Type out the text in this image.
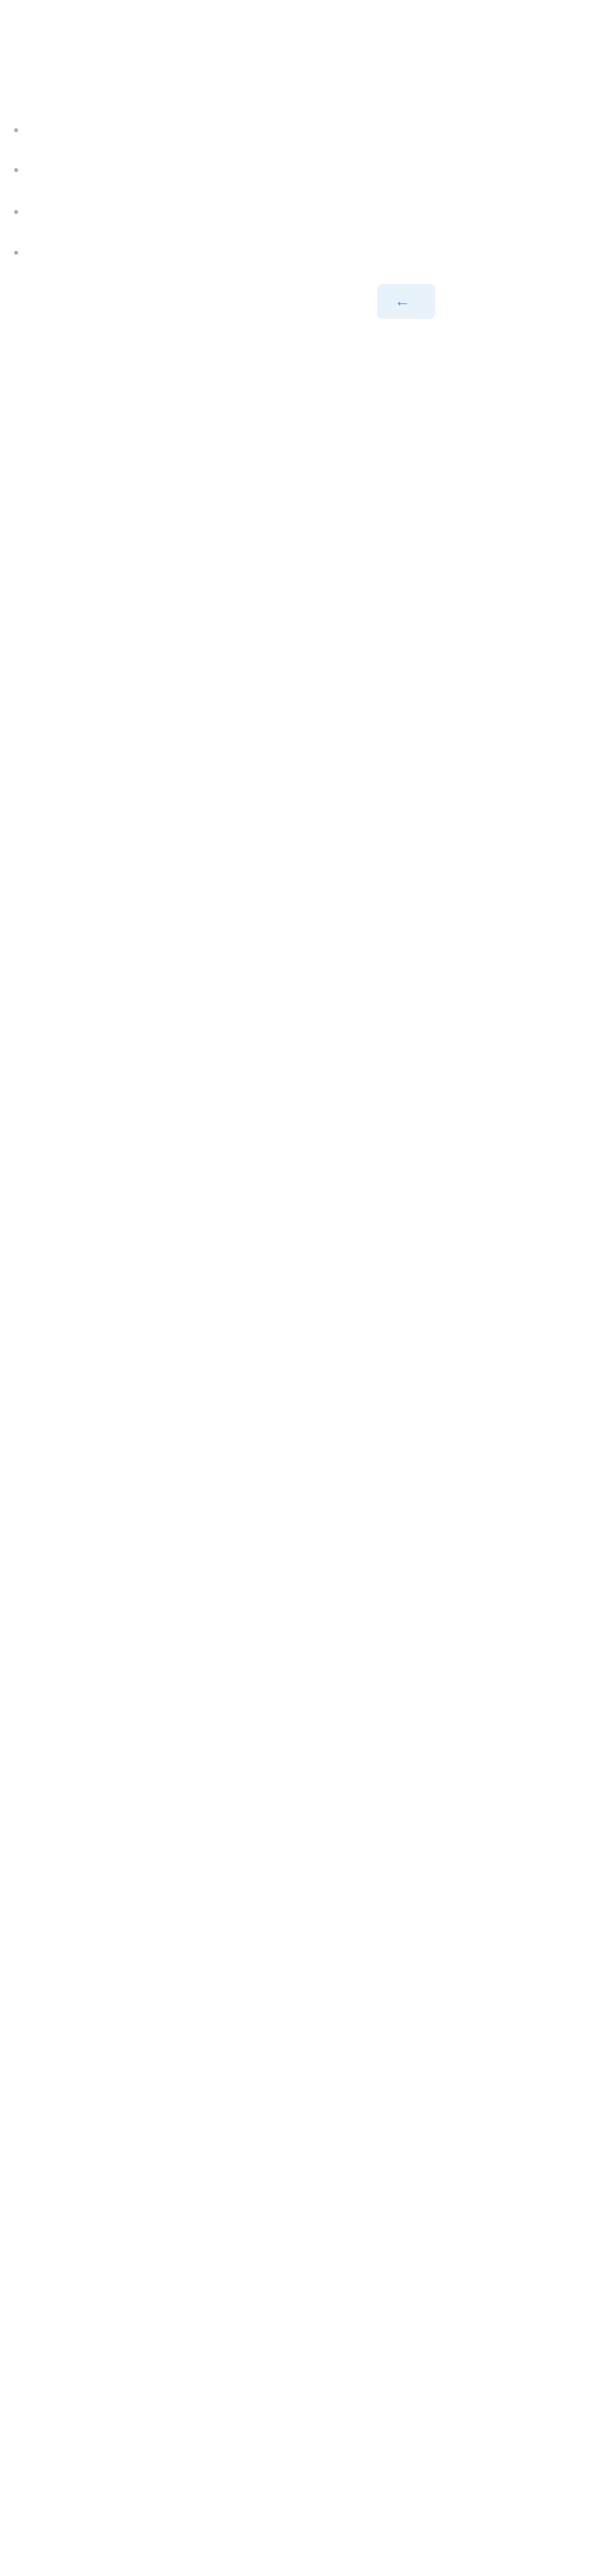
•
•
•
•
←
